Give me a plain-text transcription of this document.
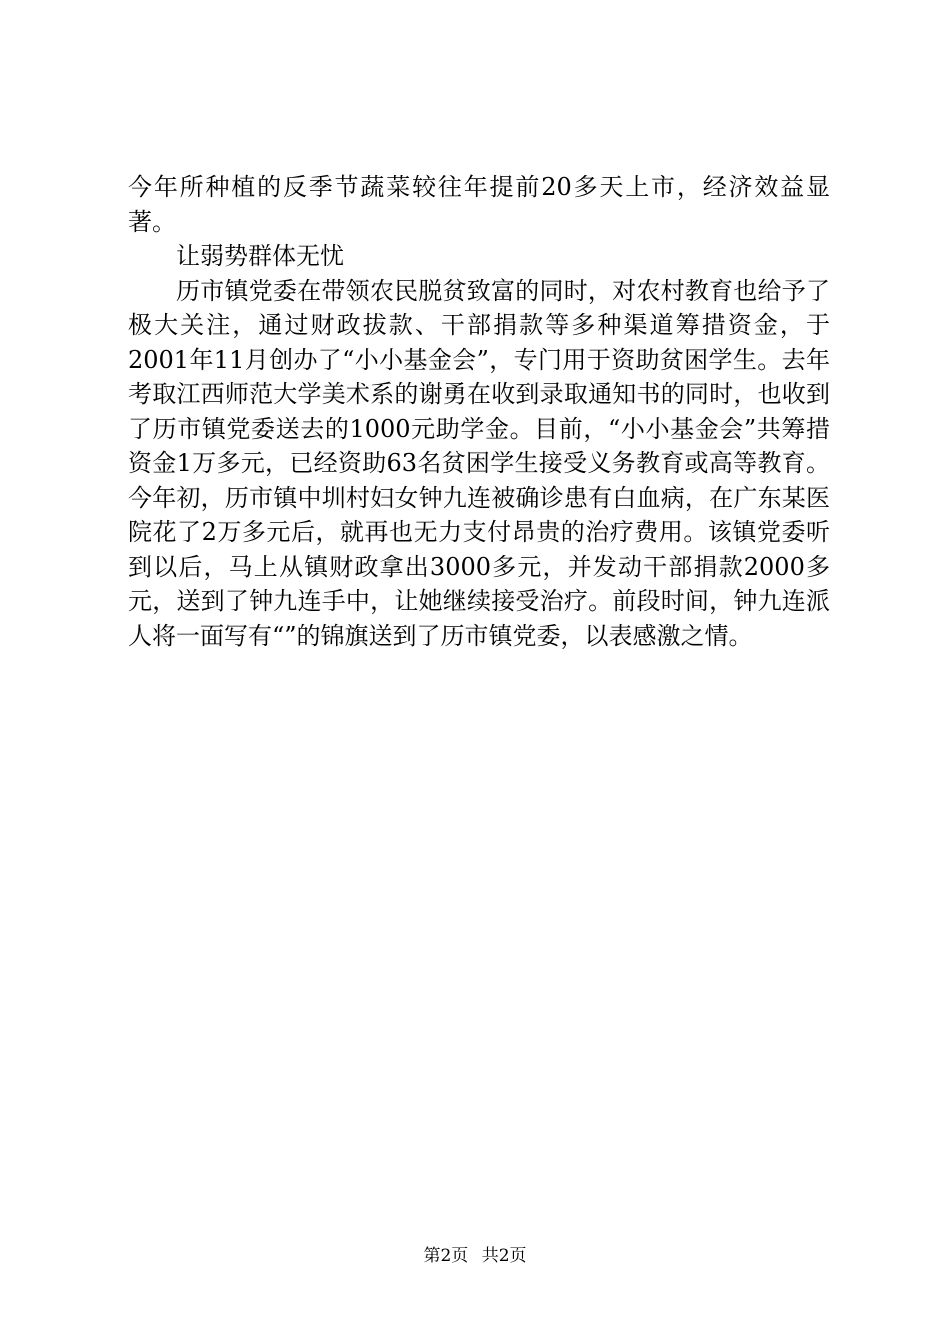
今年所种植的反季节蔬菜较往年提前20多天上市，经济效益显著。

让弱势群体无忧

历市镇党委在带领农民脱贫致富的同时，对农村教育也给予了极大关注，通过财政拔款、干部捐款等多种渠道筹措资金，于2001年11月创办了“小小基金会”，专门用于资助贫困学生。去年考取江西师范大学美术系的谢勇在收到录取通知书的同时，也收到了历市镇党委送去的1000元助学金。目前，“小小基金会”共筹措资金1万多元，已经资助63名贫困学生接受义务教育或高等教育。今年初，历市镇中圳村妇女钟九连被确诊患有白血病，在广东某医院花了2万多元后，就再也无力支付昂贵的治疗费用。该镇党委听到以后，马上从镇财政拿出3000多元，并发动干部捐款2000多元，送到了钟九连手中，让她继续接受治疗。前段时间，钟九连派人将一面写有“”的锦旗送到了历市镇党委，以表感激之情。

第2页 共2页
